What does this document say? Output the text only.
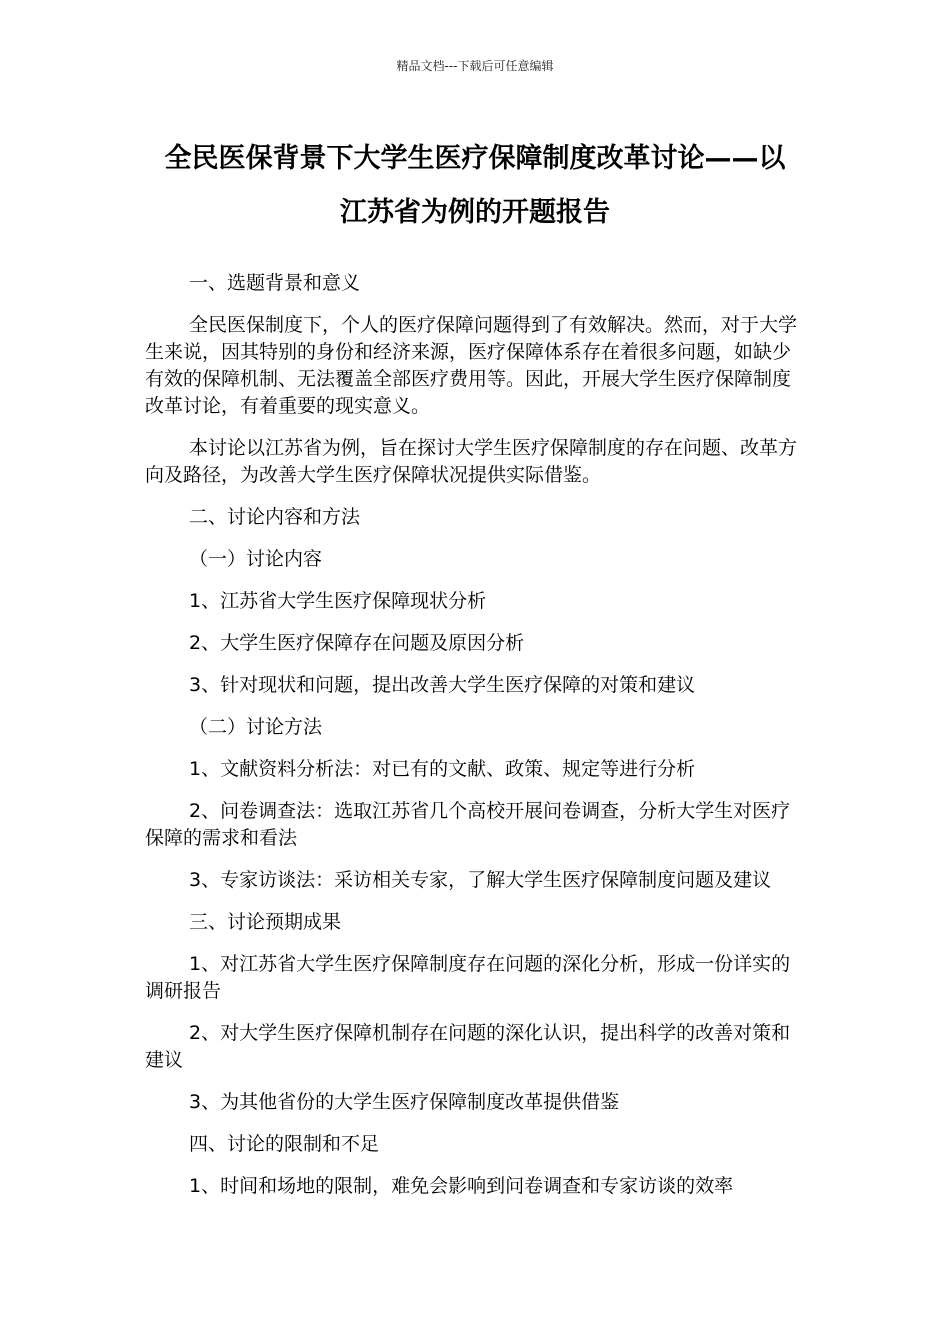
精品文档---下载后可任意编辑
全民医保背景下大学生医疗保障制度改革讨论——以
江苏省为例的开题报告

一、选题背景和意义

全民医保制度下，个人的医疗保障问题得到了有效解决。然而，对于大学生来说，因其特别的身份和经济来源，医疗保障体系存在着很多问题，如缺少有效的保障机制、无法覆盖全部医疗费用等。因此，开展大学生医疗保障制度改革讨论，有着重要的现实意义。

本讨论以江苏省为例，旨在探讨大学生医疗保障制度的存在问题、改革方向及路径，为改善大学生医疗保障状况提供实际借鉴。

二、讨论内容和方法

（一）讨论内容

1、江苏省大学生医疗保障现状分析

2、大学生医疗保障存在问题及原因分析

3、针对现状和问题，提出改善大学生医疗保障的对策和建议

（二）讨论方法

1、文献资料分析法：对已有的文献、政策、规定等进行分析

2、问卷调查法：选取江苏省几个高校开展问卷调查，分析大学生对医疗保障的需求和看法

3、专家访谈法：采访相关专家，了解大学生医疗保障制度问题及建议

三、讨论预期成果

1、对江苏省大学生医疗保障制度存在问题的深化分析，形成一份详实的调研报告

2、对大学生医疗保障机制存在问题的深化认识，提出科学的改善对策和建议

3、为其他省份的大学生医疗保障制度改革提供借鉴

四、讨论的限制和不足

1、时间和场地的限制，难免会影响到问卷调查和专家访谈的效率
